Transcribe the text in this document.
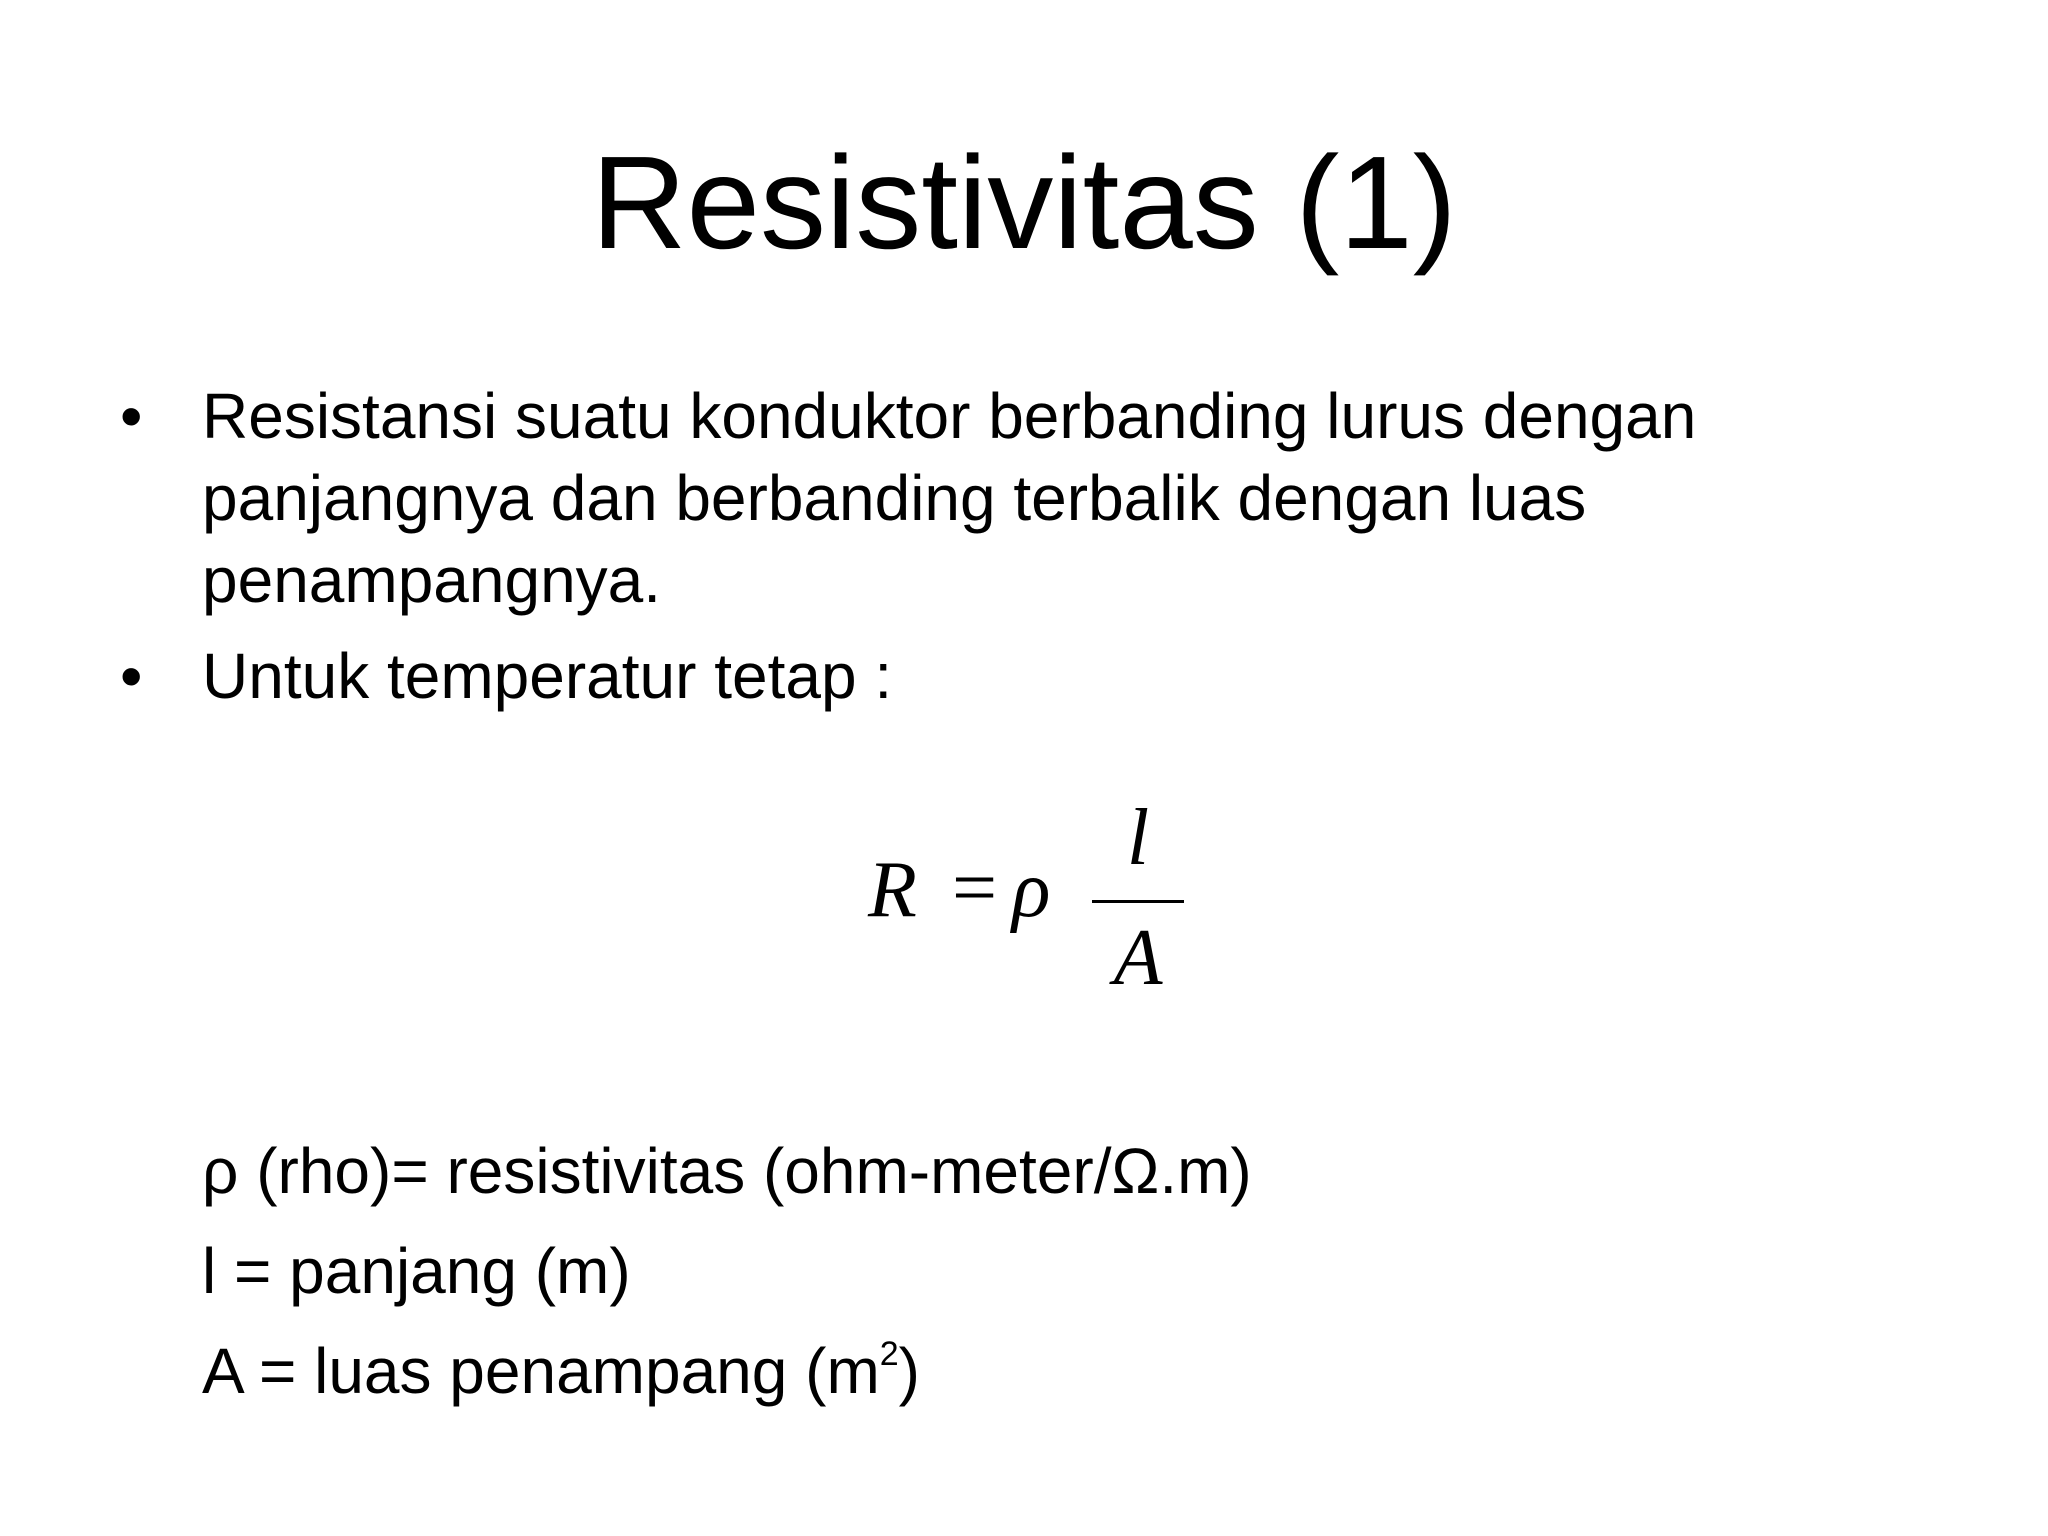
Resistivitas (1)
• Resistansi suatu konduktor berbanding lurus dengan panjangnya dan berbanding terbalik dengan luas penampangnya.
• Untuk temperatur tetap :
R = ρ
l
A
ρ (rho)= resistivitas (ohm-meter/Ω.m)
l = panjang (m)
A = luas penampang $(m^2)$
